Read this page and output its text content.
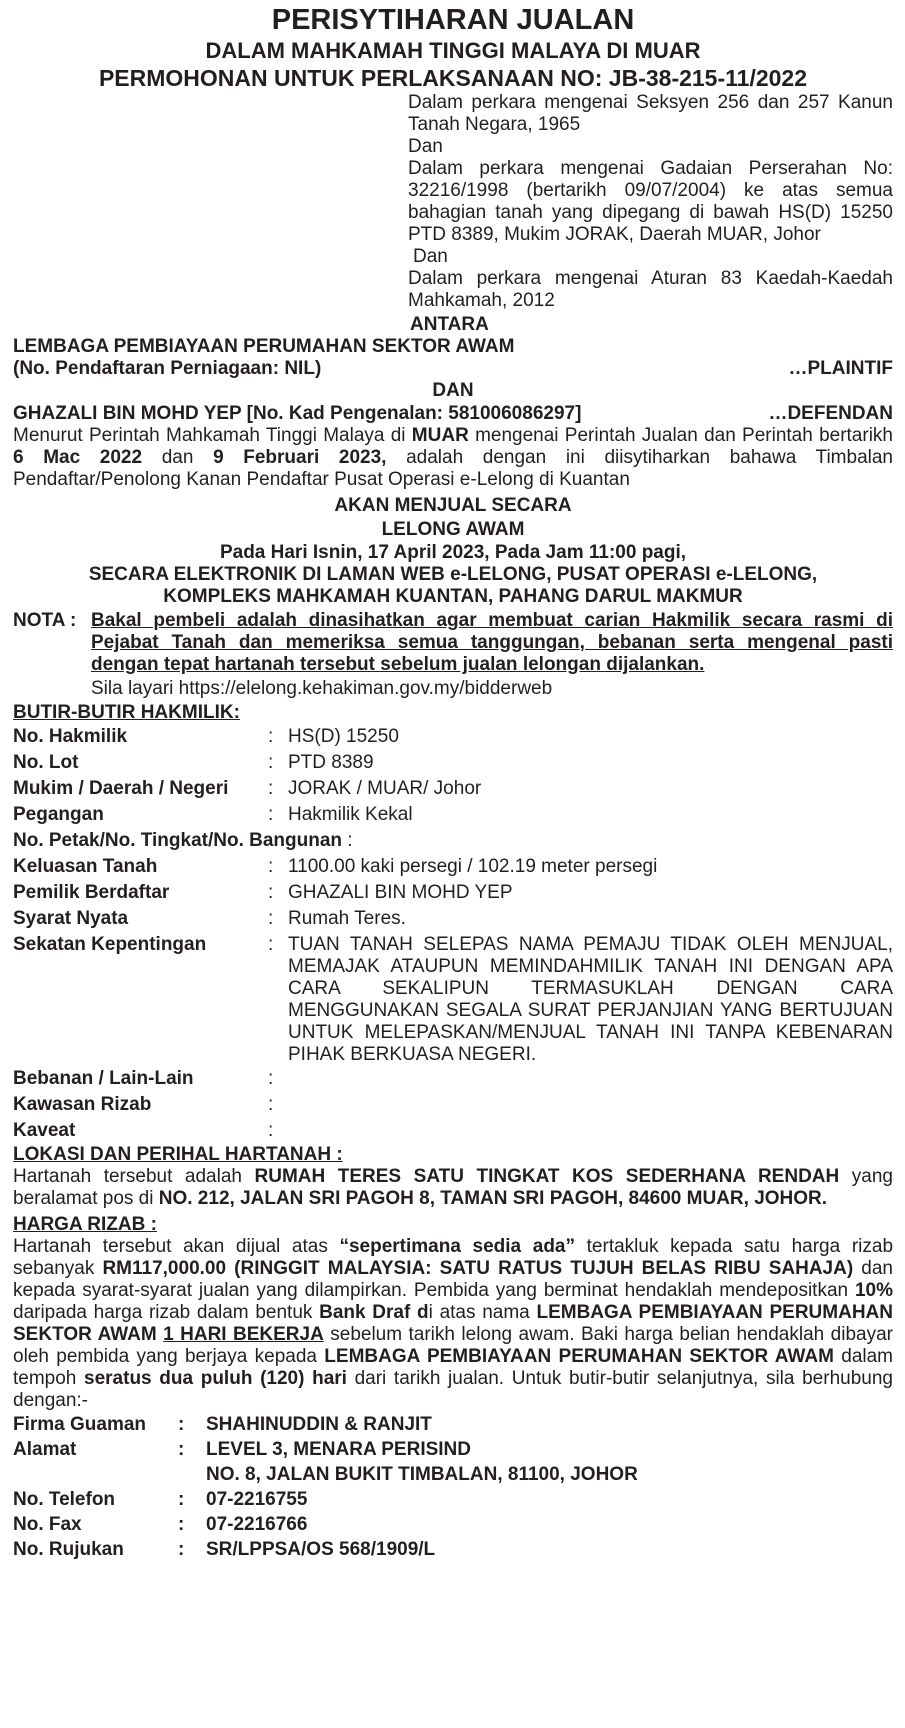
PERISYTIHARAN JUALAN
DALAM MAHKAMAH TINGGI MALAYA DI MUAR
PERMOHONAN UNTUK PERLAKSANAAN NO: JB-38-215-11/2022

Dalam perkara mengenai Seksyen 256 dan 257 Kanun Tanah Negara, 1965

Dan

Dalam perkara mengenai Gadaian Perserahan No: 32216/1998 (bertarikh 09/07/2004) ke atas semua bahagian tanah yang dipegang di bawah HS(D) 15250 PTD 8389, Mukim JORAK, Daerah MUAR, Johor

Dan

Dalam perkara mengenai Aturan 83 Kaedah-Kaedah Mahkamah, 2012

ANTARA

LEMBAGA PEMBIAYAAN PERUMAHAN SEKTOR AWAM
(No. Pendaftaran Perniagaan: NIL)	…PLAINTIF
DAN
GHAZALI BIN MOHD YEP [No. Kad Pengenalan: 581006086297]	…DEFENDAN

Menurut Perintah Mahkamah Tinggi Malaya di MUAR mengenai Perintah Jualan dan Perintah bertarikh 6 Mac 2022 dan 9 Februari 2023, adalah dengan ini diisytiharkan bahawa Timbalan Pendaftar/Penolong Kanan Pendaftar Pusat Operasi e-Lelong di Kuantan

AKAN MENJUAL SECARA
LELONG AWAM
Pada Hari Isnin, 17 April 2023, Pada Jam 11:00 pagi,
SECARA ELEKTRONIK DI LAMAN WEB e-LELONG, PUSAT OPERASI e-LELONG,
KOMPLEKS MAHKAMAH KUANTAN, PAHANG DARUL MAKMUR
NOTA : Bakal pembeli adalah dinasihatkan agar membuat carian Hakmilik secara rasmi di Pejabat Tanah dan memeriksa semua tanggungan, bebanan serta mengenal pasti dengan tepat hartanah tersebut sebelum jualan lelongan dijalankan.

Sila layari https://elelong.kehakiman.gov.my/bidderweb

BUTIR-BUTIR HAKMILIK:
No. Hakmilik	:	HS(D) 15250
No. Lot	:	PTD 8389
Mukim / Daerah / Negeri	:	JORAK / MUAR/ Johor
Pegangan	:	Hakmilik Kekal
No. Petak/No. Tingkat/No. Bangunan :
Keluasan Tanah	:	1100.00 kaki persegi / 102.19 meter persegi
Pemilik Berdaftar	:	GHAZALI BIN MOHD YEP
Syarat Nyata	:	Rumah Teres.
Sekatan Kepentingan	:	TUAN TANAH SELEPAS NAMA PEMAJU TIDAK OLEH MENJUAL, MEMAJAK ATAUPUN MEMINDAHMILIK TANAH INI DENGAN APA CARA SEKALIPUN TERMASUKLAH DENGAN CARA MENGGUNAKAN SEGALA SURAT PERJANJIAN YANG BERTUJUAN UNTUK MELEPASKAN/MENJUAL TANAH INI TANPA KEBENARAN PIHAK BERKUASA NEGERI.
Bebanan / Lain-Lain	:	
Kawasan Rizab	:	
Kaveat	:	
LOKASI DAN PERIHAL HARTANAH :

Hartanah tersebut adalah RUMAH TERES SATU TINGKAT KOS SEDERHANA RENDAH yang beralamat pos di NO. 212, JALAN SRI PAGOH 8, TAMAN SRI PAGOH, 84600 MUAR, JOHOR.

HARGA RIZAB :

Hartanah tersebut akan dijual atas “sepertimana sedia ada” tertakluk kepada satu harga rizab sebanyak RM117,000.00 (RINGGIT MALAYSIA: SATU RATUS TUJUH BELAS RIBU SAHAJA) dan kepada syarat-syarat jualan yang dilampirkan. Pembida yang berminat hendaklah mendepositkan 10% daripada harga rizab dalam bentuk Bank Draf di atas nama LEMBAGA PEMBIAYAAN PERUMAHAN SEKTOR AWAM 1 HARI BEKERJA sebelum tarikh lelong awam. Baki harga belian hendaklah dibayar oleh pembida yang berjaya kepada LEMBAGA PEMBIAYAAN PERUMAHAN SEKTOR AWAM dalam tempoh seratus dua puluh (120) hari dari tarikh jualan. Untuk butir-butir selanjutnya, sila berhubung dengan:-

Firma Guaman	:	SHAHINUDDIN & RANJIT
Alamat	:	LEVEL 3, MENARA PERISIND
		NO. 8, JALAN BUKIT TIMBALAN, 81100, JOHOR
No. Telefon	:	07-2216755
No. Fax	:	07-2216766
No. Rujukan	:	SR/LPPSA/OS 568/1909/L
